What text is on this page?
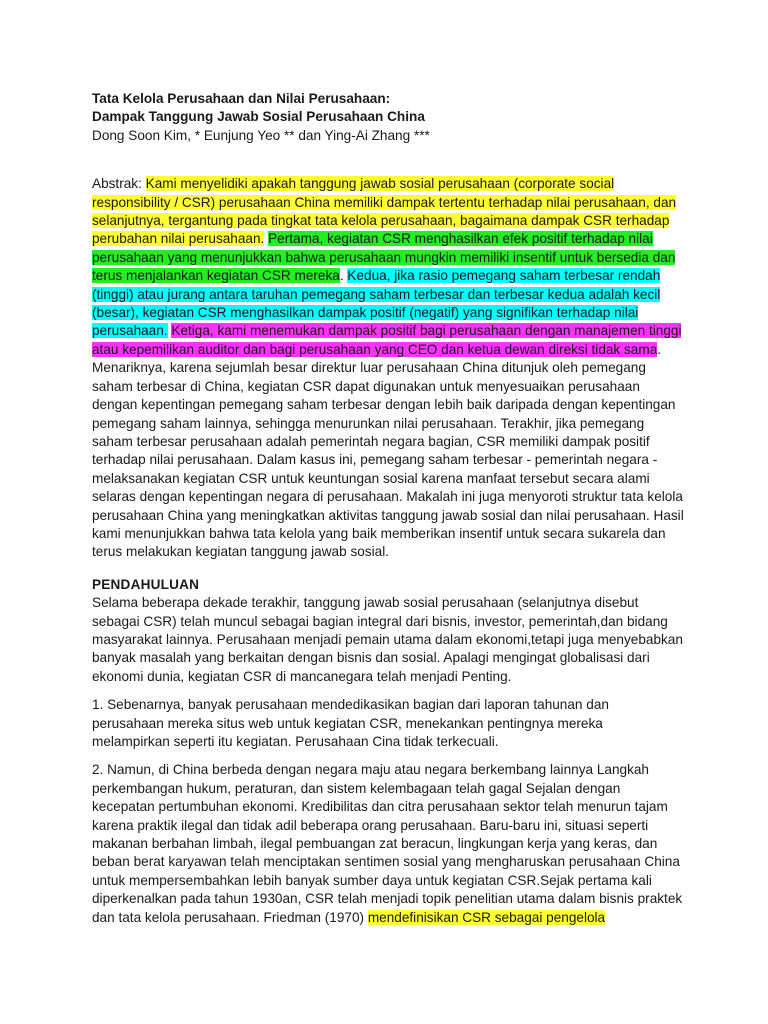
Tata Kelola Perusahaan dan Nilai Perusahaan:

Dampak Tanggung Jawab Sosial Perusahaan China

Dong Soon Kim, * Eunjung Yeo ** dan Ying-Ai Zhang ***

Abstrak: Kami menyelidiki apakah tanggung jawab sosial perusahaan (corporate social responsibility / CSR) perusahaan China memiliki dampak tertentu terhadap nilai perusahaan, dan selanjutnya, tergantung pada tingkat tata kelola perusahaan, bagaimana dampak CSR terhadap perubahan nilai perusahaan. Pertama, kegiatan CSR menghasilkan efek positif terhadap nilai perusahaan yang menunjukkan bahwa perusahaan mungkin memiliki insentif untuk bersedia dan terus menjalankan kegiatan CSR mereka. Kedua, jika rasio pemegang saham terbesar rendah (tinggi) atau jurang antara taruhan pemegang saham terbesar dan terbesar kedua adalah kecil (besar), kegiatan CSR menghasilkan dampak positif (negatif) yang signifikan terhadap nilai perusahaan. Ketiga, kami menemukan dampak positif bagi perusahaan dengan manajemen tinggi atau kepemilikan auditor dan bagi perusahaan yang CEO dan ketua dewan direksi tidak sama. Menariknya, karena sejumlah besar direktur luar perusahaan China ditunjuk oleh pemegang saham terbesar di China, kegiatan CSR dapat digunakan untuk menyesuaikan perusahaan dengan kepentingan pemegang saham terbesar dengan lebih baik daripada dengan kepentingan pemegang saham lainnya, sehingga menurunkan nilai perusahaan. Terakhir, jika pemegang saham terbesar perusahaan adalah pemerintah negara bagian, CSR memiliki dampak positif terhadap nilai perusahaan. Dalam kasus ini, pemegang saham terbesar - pemerintah negara - melaksanakan kegiatan CSR untuk keuntungan sosial karena manfaat tersebut secara alami selaras dengan kepentingan negara di perusahaan. Makalah ini juga menyoroti struktur tata kelola perusahaan China yang meningkatkan aktivitas tanggung jawab sosial dan nilai perusahaan. Hasil kami menunjukkan bahwa tata kelola yang baik memberikan insentif untuk secara sukarela dan terus melakukan kegiatan tanggung jawab sosial.

PENDAHULUAN

Selama beberapa dekade terakhir, tanggung jawab sosial perusahaan (selanjutnya disebut sebagai CSR) telah muncul sebagai bagian integral dari bisnis, investor, pemerintah,dan bidang masyarakat lainnya. Perusahaan menjadi pemain utama dalam ekonomi,tetapi juga menyebabkan banyak masalah yang berkaitan dengan bisnis dan sosial. Apalagi mengingat globalisasi dari ekonomi dunia, kegiatan CSR di mancanegara telah menjadi Penting.

1. Sebenarnya, banyak perusahaan mendedikasikan bagian dari laporan tahunan dan perusahaan mereka situs web untuk kegiatan CSR, menekankan pentingnya mereka melampirkan seperti itu kegiatan. Perusahaan Cina tidak terkecuali.

2. Namun, di China berbeda dengan negara maju atau negara berkembang lainnya Langkah perkembangan hukum, peraturan, dan sistem kelembagaan telah gagal Sejalan dengan kecepatan pertumbuhan ekonomi. Kredibilitas dan citra perusahaan sektor telah menurun tajam karena praktik ilegal dan tidak adil beberapa orang perusahaan. Baru-baru ini, situasi seperti makanan berbahan limbah, ilegal pembuangan zat beracun, lingkungan kerja yang keras, dan beban berat karyawan telah menciptakan sentimen sosial yang mengharuskan perusahaan China untuk mempersembahkan lebih banyak sumber daya untuk kegiatan CSR.Sejak pertama kali diperkenalkan pada tahun 1930an, CSR telah menjadi topik penelitian utama dalam bisnis praktek dan tata kelola perusahaan. Friedman (1970) mendefinisikan CSR sebagai pengelola
